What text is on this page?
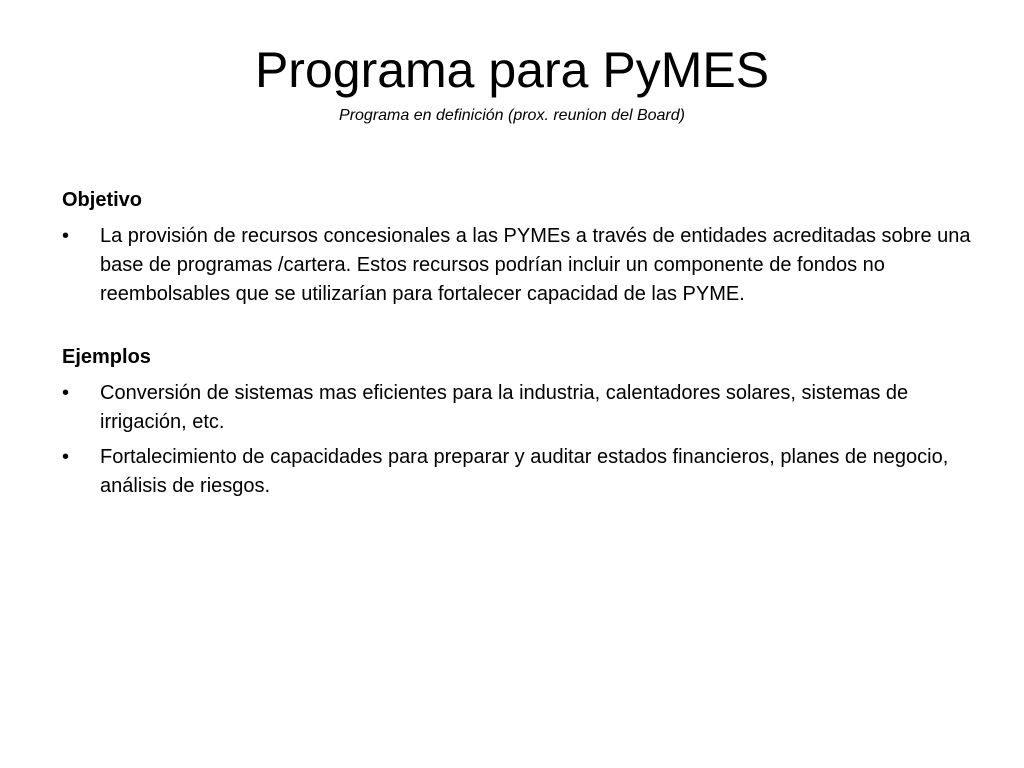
Programa para PyMES
Programa en definición (prox. reunion del Board)
Objetivo
•	La provisión de recursos concesionales a las PYMEs a través de entidades acreditadas sobre una base de programas /cartera. Estos recursos podrían incluir un componente de fondos no reembolsables que se utilizarían para fortalecer capacidad de las PYME.
Ejemplos
•	Conversión de sistemas mas eficientes para la industria, calentadores solares, sistemas de irrigación, etc.
•	Fortalecimiento de capacidades para preparar y auditar estados financieros, planes de negocio, análisis de riesgos.
